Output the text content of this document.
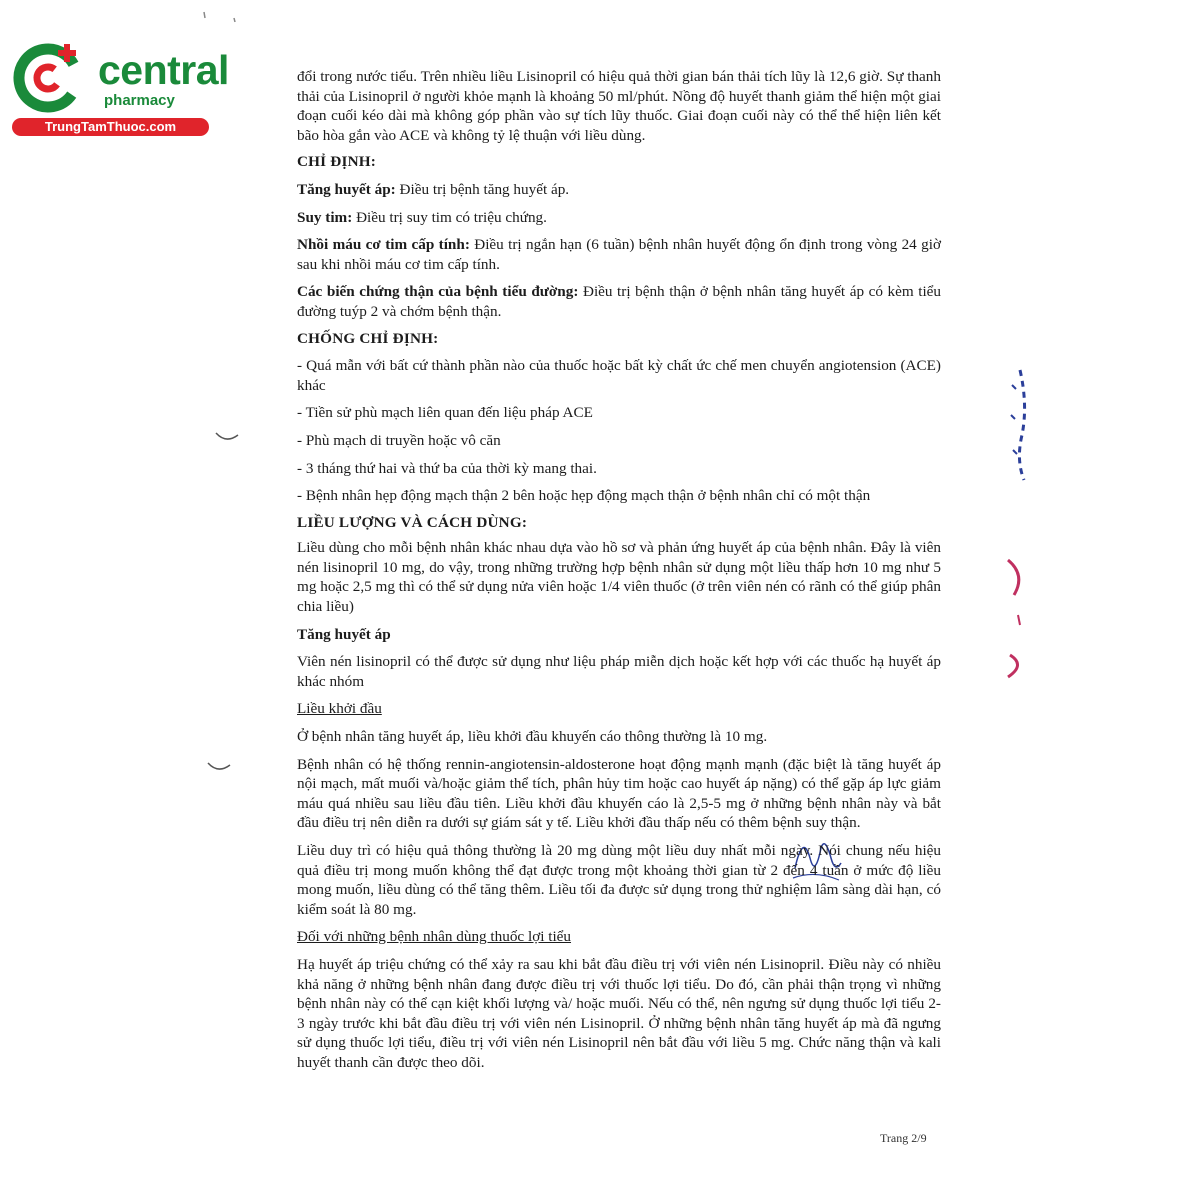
central
pharmacy
TrungTamThuoc.com

đổi trong nước tiểu. Trên nhiều liều Lisinopril có hiệu quả thời gian bán thải tích lũy là 12,6 giờ. Sự thanh thải của Lisinopril ở người khỏe mạnh là khoảng 50 ml/phút. Nồng độ huyết thanh giảm thể hiện một giai đoạn cuối kéo dài mà không góp phần vào sự tích lũy thuốc. Giai đoạn cuối này có thể thể hiện liên kết bão hòa gắn vào ACE và không tỷ lệ thuận với liều dùng.

CHỈ ĐỊNH:

Tăng huyết áp: Điều trị bệnh tăng huyết áp.

Suy tim: Điều trị suy tim có triệu chứng.

Nhồi máu cơ tim cấp tính: Điều trị ngắn hạn (6 tuần) bệnh nhân huyết động ổn định trong vòng 24 giờ sau khi nhồi máu cơ tim cấp tính.

Các biến chứng thận của bệnh tiểu đường: Điều trị bệnh thận ở bệnh nhân tăng huyết áp có kèm tiểu đường tuýp 2 và chớm bệnh thận.

CHỐNG CHỈ ĐỊNH:

- Quá mẫn với bất cứ thành phần nào của thuốc hoặc bất kỳ chất ức chế men chuyển angiotension (ACE) khác

- Tiền sử phù mạch liên quan đến liệu pháp ACE

- Phù mạch di truyền hoặc vô căn

- 3 tháng thứ hai và thứ ba của thời kỳ mang thai.

- Bệnh nhân hẹp động mạch thận 2 bên hoặc hẹp động mạch thận ở bệnh nhân chỉ có một thận

LIỀU LƯỢNG VÀ CÁCH DÙNG:

Liều dùng cho mỗi bệnh nhân khác nhau dựa vào hồ sơ và phản ứng huyết áp của bệnh nhân. Đây là viên nén lisinopril 10 mg, do vậy, trong những trường hợp bệnh nhân sử dụng một liều thấp hơn 10 mg như 5 mg hoặc 2,5 mg thì có thể sử dụng nửa viên hoặc 1/4 viên thuốc (ở trên viên nén có rãnh có thể giúp phân chia liều)

Tăng huyết áp

Viên nén lisinopril có thể được sử dụng như liệu pháp miễn dịch hoặc kết hợp với các thuốc hạ huyết áp khác nhóm

Liều khởi đầu

Ở bệnh nhân tăng huyết áp, liều khởi đầu khuyến cáo thông thường là 10 mg.

Bệnh nhân có hệ thống rennin-angiotensin-aldosterone hoạt động mạnh mạnh (đặc biệt là tăng huyết áp nội mạch, mất muối và/hoặc giảm thể tích, phân hủy tim hoặc cao huyết áp nặng) có thể gặp áp lực giảm máu quá nhiều sau liều đầu tiên. Liều khởi đầu khuyến cáo là 2,5-5 mg ở những bệnh nhân này và bắt đầu điều trị nên diễn ra dưới sự giám sát y tế. Liều khởi đầu thấp nếu có thêm bệnh suy thận.

Liều duy trì có hiệu quả thông thường là 20 mg dùng một liều duy nhất mỗi ngày. Nói chung nếu hiệu quả điều trị mong muốn không thể đạt được trong một khoảng thời gian từ 2 đến 4 tuần ở mức độ liều mong muốn, liều dùng có thể tăng thêm. Liều tối đa được sử dụng trong thử nghiệm lâm sàng dài hạn, có kiểm soát là 80 mg.

Đối với những bệnh nhân dùng thuốc lợi tiểu

Hạ huyết áp triệu chứng có thể xảy ra sau khi bắt đầu điều trị với viên nén Lisinopril. Điều này có nhiều khả năng ở những bệnh nhân đang được điều trị với thuốc lợi tiểu. Do đó, cần phải thận trọng vì những bệnh nhân này có thể cạn kiệt khối lượng và/ hoặc muối. Nếu có thể, nên ngưng sử dụng thuốc lợi tiểu 2-3 ngày trước khi bắt đầu điều trị với viên nén Lisinopril. Ở những bệnh nhân tăng huyết áp mà đã ngưng sử dụng thuốc lợi tiểu, điều trị với viên nén Lisinopril nên bắt đầu với liều 5 mg. Chức năng thận và kali huyết thanh cần được theo dõi.

Trang 2/9
